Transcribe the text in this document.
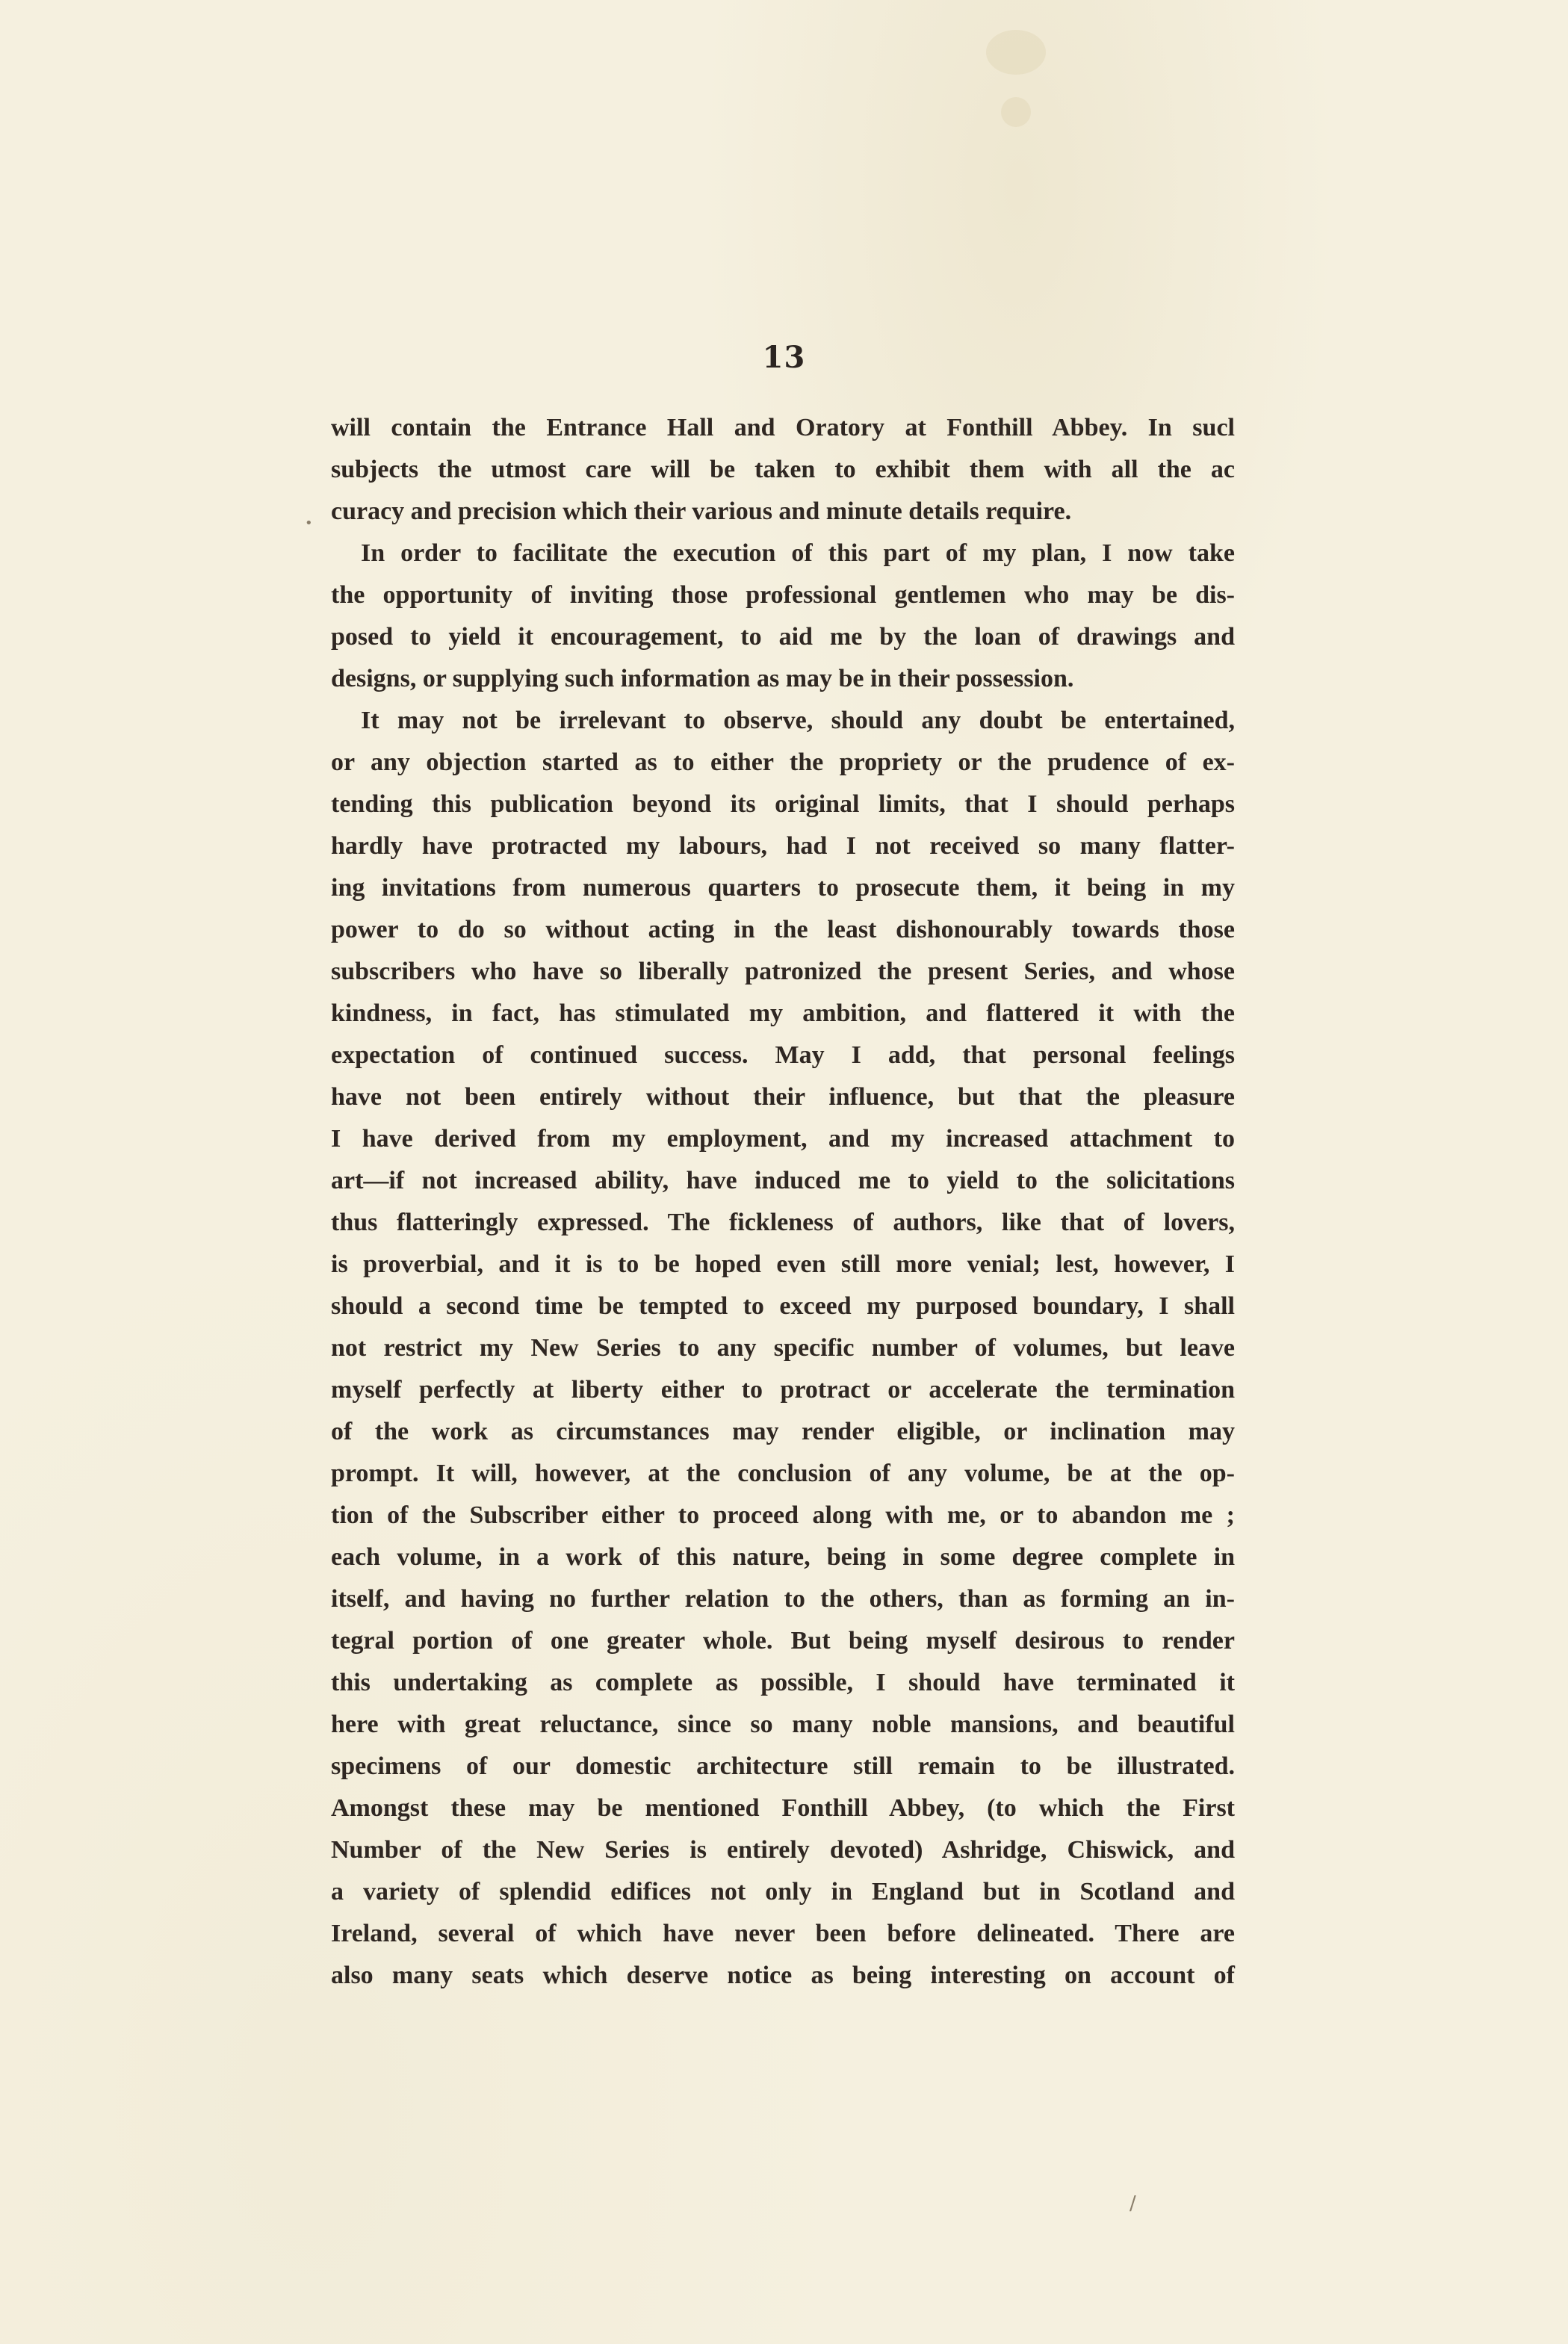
13
will contain the Entrance Hall and Oratory at Fonthill Abbey. In sucl
subjects the utmost care will be taken to exhibit them with all the ac
curacy and precision which their various and minute details require.
In order to facilitate the execution of this part of my plan, I now take
the opportunity of inviting those professional gentlemen who may be dis-
posed to yield it encouragement, to aid me by the loan of drawings and
designs, or supplying such information as may be in their possession.
It may not be irrelevant to observe, should any doubt be entertained,
or any objection started as to either the propriety or the prudence of ex-
tending this publication beyond its original limits, that I should perhaps
hardly have protracted my labours, had I not received so many flatter-
ing invitations from numerous quarters to prosecute them, it being in my
power to do so without acting in the least dishonourably towards those
subscribers who have so liberally patronized the present Series, and whose
kindness, in fact, has stimulated my ambition, and flattered it with the
expectation of continued success. May I add, that personal feelings
have not been entirely without their influence, but that the pleasure
I have derived from my employment, and my increased attachment to
art—if not increased ability, have induced me to yield to the solicitations
thus flatteringly expressed. The fickleness of authors, like that of lovers,
is proverbial, and it is to be hoped even still more venial; lest, however, I
should a second time be tempted to exceed my purposed boundary, I shall
not restrict my New Series to any specific number of volumes, but leave
myself perfectly at liberty either to protract or accelerate the termination
of the work as circumstances may render eligible, or inclination may
prompt. It will, however, at the conclusion of any volume, be at the op-
tion of the Subscriber either to proceed along with me, or to abandon me ;
each volume, in a work of this nature, being in some degree complete in
itself, and having no further relation to the others, than as forming an in-
tegral portion of one greater whole. But being myself desirous to render
this undertaking as complete as possible, I should have terminated it
here with great reluctance, since so many noble mansions, and beautiful
specimens of our domestic architecture still remain to be illustrated.
Amongst these may be mentioned Fonthill Abbey, (to which the First
Number of the New Series is entirely devoted) Ashridge, Chiswick, and
a variety of splendid edifices not only in England but in Scotland and
Ireland, several of which have never been before delineated. There are
also many seats which deserve notice as being interesting on account of
•
/
